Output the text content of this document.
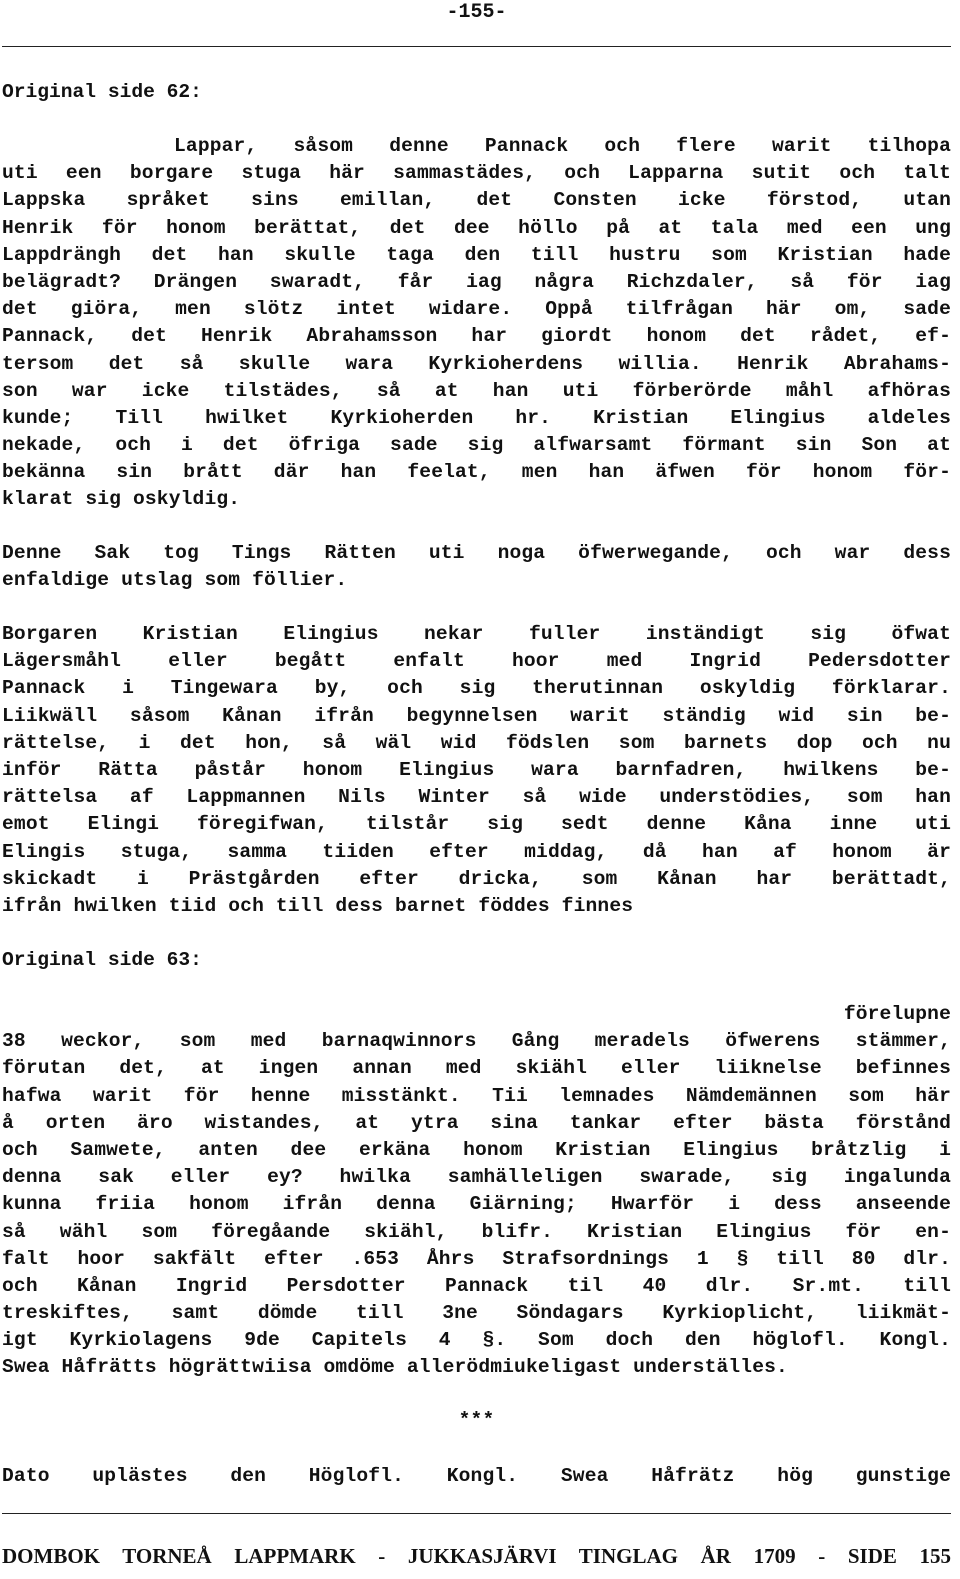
-155-
Original side 62:
Lappar, såsom denne Pannack och flere warit tilhopa
uti een borgare stuga här sammastädes, och Lapparna sutit och talt
Lappska språket sins emillan, det Consten icke förstod, utan
Henrik för honom berättat, det dee höllo på at tala med een ung
Lappdrängh det han skulle taga den till hustru som Kristian hade
belägradt? Drängen swaradt, får iag några Richzdaler, så för iag
det giöra, men slötz intet widare. Oppå tilfrågan här om, sade
Pannack, det Henrik Abrahamsson har giordt honom det rådet, ef-
tersom det så skulle wara Kyrkioherdens willia. Henrik Abrahams-
son war icke tilstädes, så at han uti förberörde måhl afhöras
kunde; Till hwilket Kyrkioherden hr. Kristian Elingius aldeles
nekade, och i det öfriga sade sig alfwarsamt förmant sin Son at
bekänna sin brått där han feelat, men han äfwen för honom för-
klarat sig oskyldig.
Denne Sak tog Tings Rätten uti noga öfwerwegande, och war dess
enfaldige utslag som föllier.
Borgaren Kristian Elingius nekar fuller inständigt sig öfwat
Lägersmåhl eller begått enfalt hoor med Ingrid Pedersdotter
Pannack i Tingewara by, och sig therutinnan oskyldig förklarar.
Liikwäll såsom Kånan ifrån begynnelsen warit ständig wid sin be-
rättelse, i det hon, så wäl wid födslen som barnets dop och nu
inför Rätta påstår honom Elingius wara barnfadren, hwilkens be-
rättelsa af Lappmannen Nils Winter så wide understödies, som han
emot Elingi föregifwan, tilstår sig sedt denne Kåna inne uti
Elingis stuga, samma tiiden efter middag, då han af honom är
skickadt i Prästgården efter dricka, som Kånan har berättadt,
ifrån hwilken tiid och till dess barnet föddes finnes
Original side 63:
förelupne
38 weckor, som med barnaqwinnors Gång meradels öfwerens stämmer,
förutan det, at ingen annan med skiähl eller liiknelse befinnes
hafwa warit för henne misstänkt. Tii lemnades Nämdemännen som här
å orten äro wistandes, at ytra sina tankar efter bästa förstånd
och Samwete, anten dee erkäna honom Kristian Elingius bråtzlig i
denna sak eller ey? hwilka samhälleligen swarade, sig ingalunda
kunna friia honom ifrån denna Giärning; Hwarför i dess anseende
så wähl som föregåande skiähl, blifr. Kristian Elingius för en-
falt hoor sakfält efter .653 Åhrs Strafsordnings 1 § till 80 dlr.
och Kånan Ingrid Persdotter Pannack til 40 dlr. Sr.mt. till
treskiftes, samt dömde till 3ne Söndagars Kyrkioplicht, liikmät-
igt Kyrkiolagens 9de Capitels 4 §. Som doch den höglofl. Kongl.
Swea Håfrätts högrättwiisa omdöme allerödmiukeligast underställes.
***
Dato uplästes den Höglofl. Kongl. Swea Håfrätz hög gunstige
DOMBOK TORNEÅ LAPPMARK - JUKKASJÄRVI TINGLAG ÅR 1709 - SIDE 155
